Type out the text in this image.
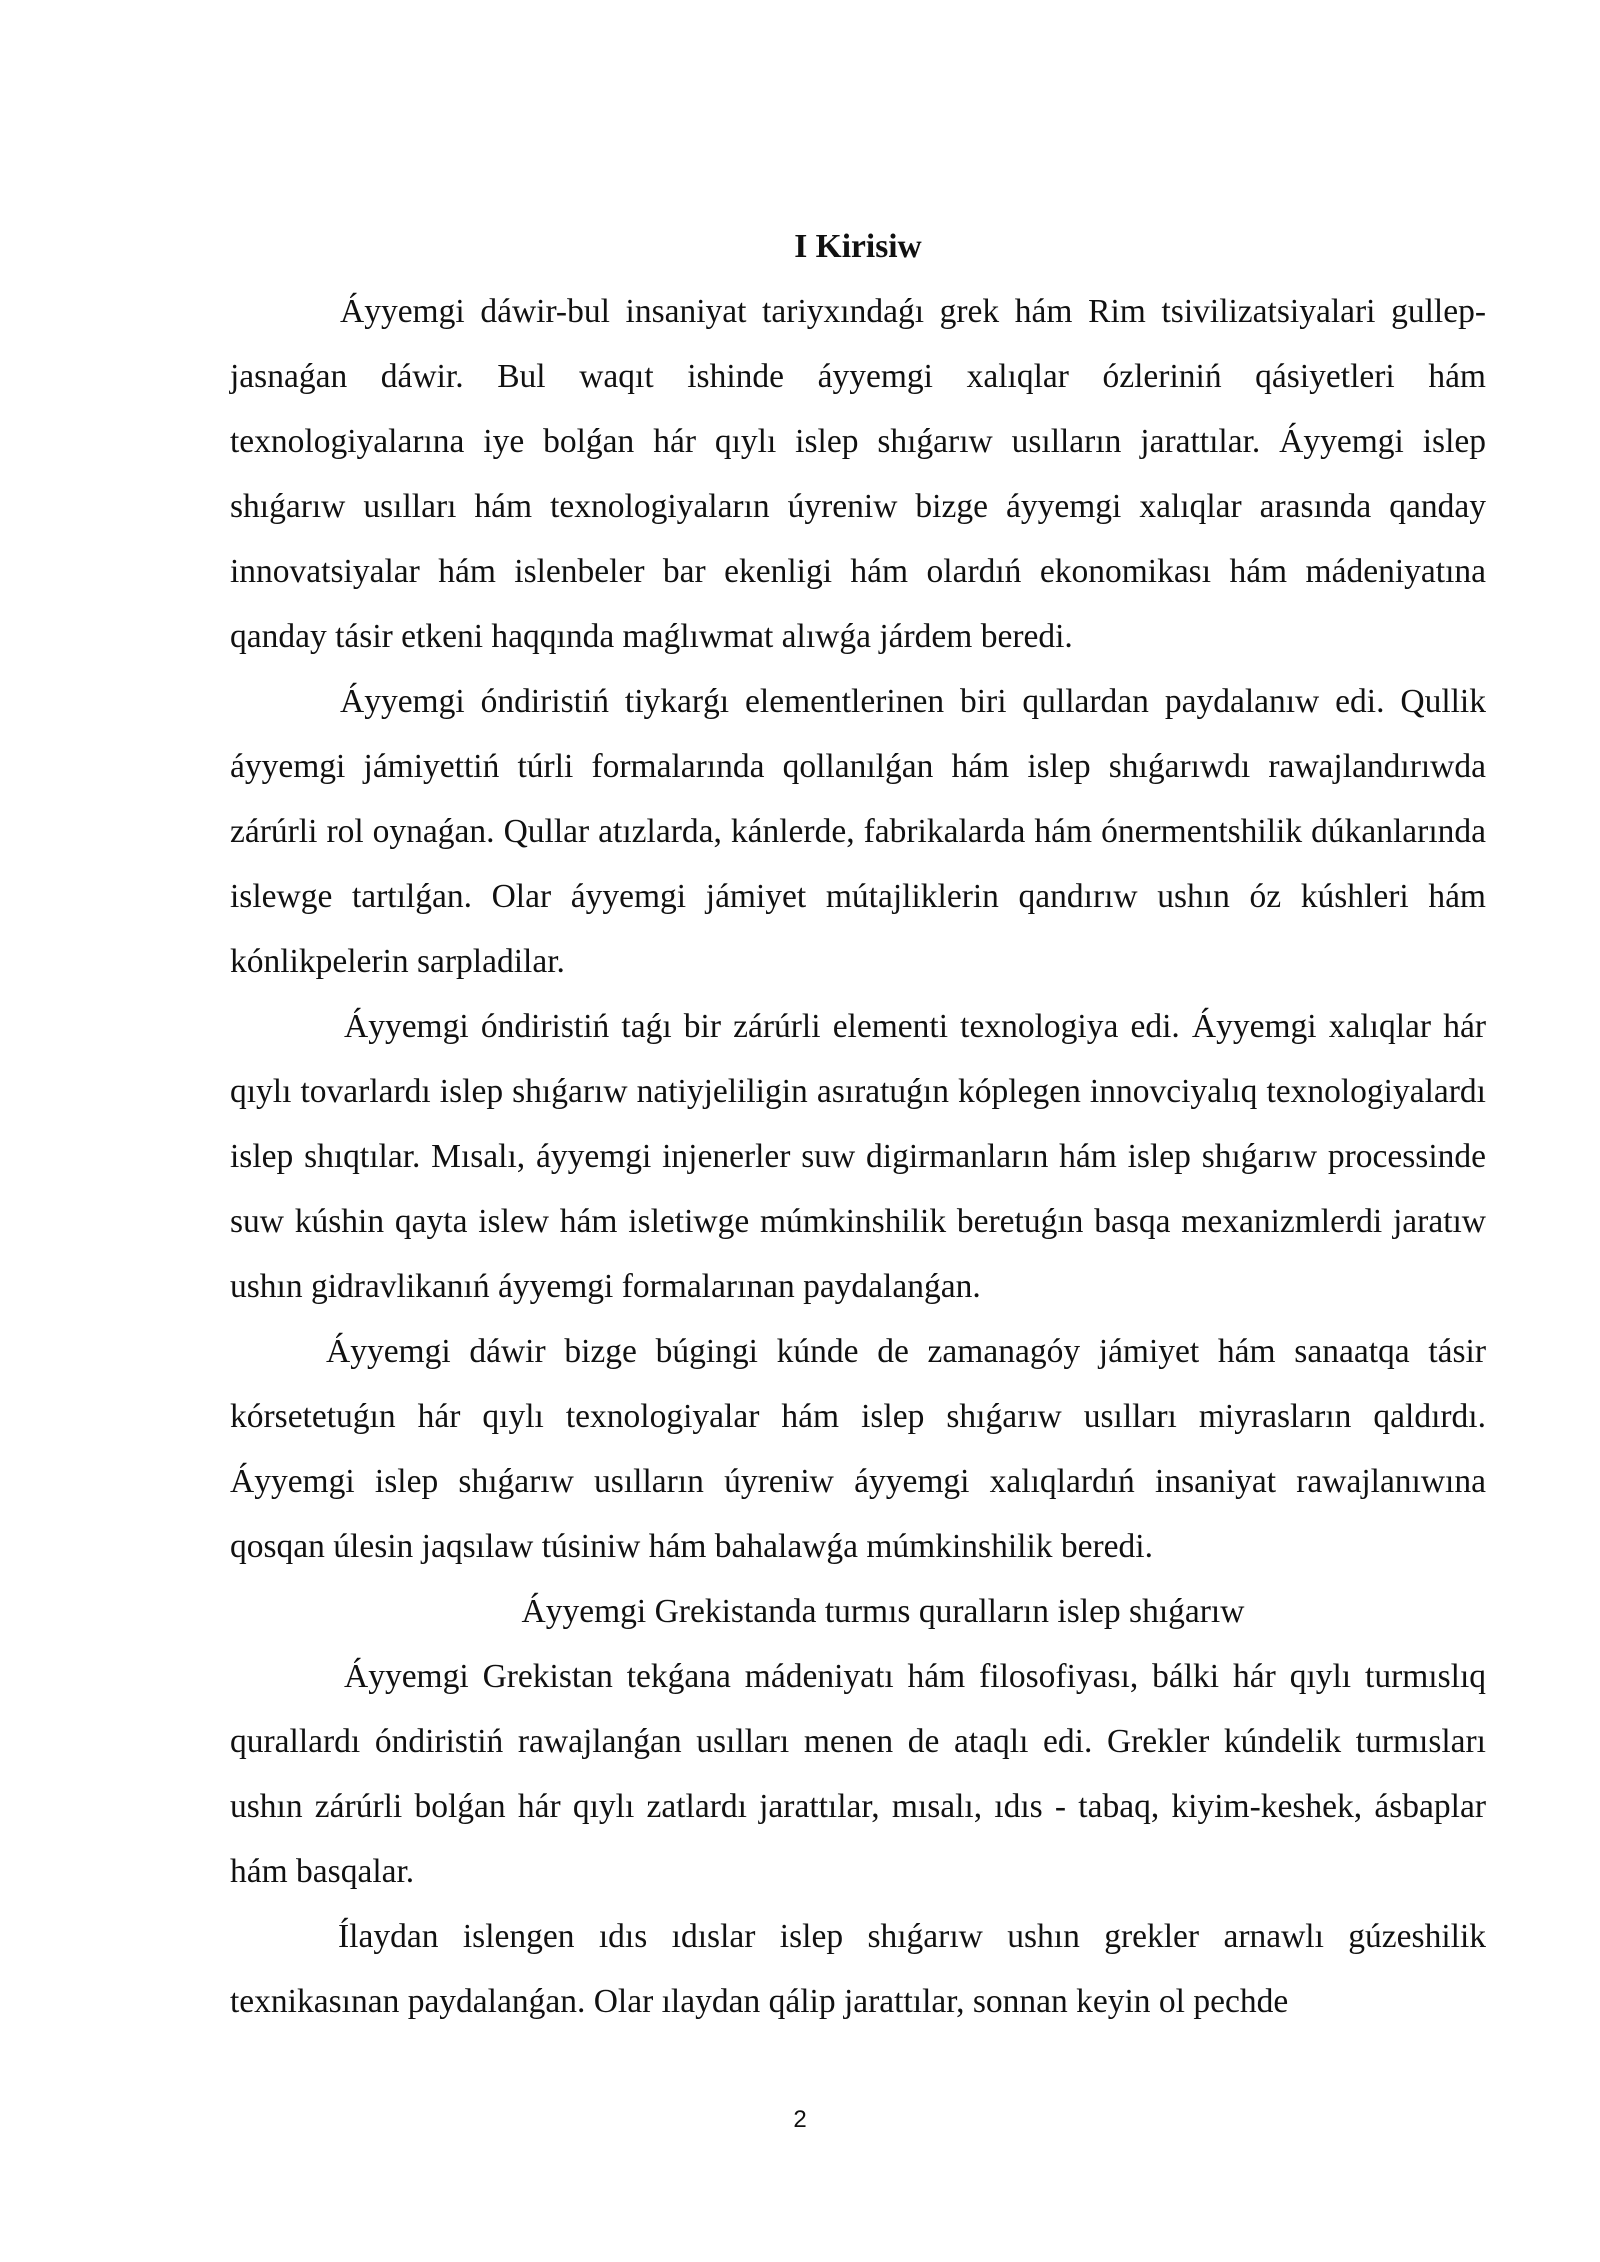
I Kirisiw

Áyyemgi dáwir-bul insaniyat tariyxındaǵı grek hám Rim tsivilizatsiyalari gullep-jasnaǵan dáwir. Bul waqıt ishinde áyyemgi xalıqlar ózleriniń qásiyetleri hám texnologiyalarına iye bolǵan hár qıylı islep shıǵarıw usılların jarattılar. Áyyemgi islep shıǵarıw usılları hám texnologiyaların úyreniw bizge áyyemgi xalıqlar arasında qanday innovatsiyalar hám islenbeler bar ekenligi hám olardıń ekonomikası hám mádeniyatına qanday tásir etkeni haqqında maǵlıwmat alıwǵa járdem beredi.

Áyyemgi óndiristiń tiykarǵı elementlerinen biri qullardan paydalanıw edi. Qullik áyyemgi jámiyettiń túrli formalarında qollanılǵan hám islep shıǵarıwdı rawajlandırıwda zárúrli rol oynaǵan. Qullar atızlarda, kánlerde, fabrikalarda hám ónermentshilik dúkanlarında islewge tartılǵan. Olar áyyemgi jámiyet mútajliklerin qandırıw ushın óz kúshleri hám kónlikpelerin sarpladilar.

Áyyemgi óndiristiń taǵı bir zárúrli elementi texnologiya edi. Áyyemgi xalıqlar hár qıylı tovarlardı islep shıǵarıw natiyjeliligin asıratuǵın kóplegen innovciyalıq texnologiyalardı islep shıqtılar. Mısalı, áyyemgi injenerler suw digirmanların hám islep shıǵarıw processinde suw kúshin qayta islew hám isletiwge múmkinshilik beretuǵın basqa mexanizmlerdi jaratıw ushın gidravlikanıń áyyemgi formalarınan paydalanǵan.

Áyyemgi dáwir bizge búgingi kúnde de zamanagóy jámiyet hám sanaatqa tásir kórsetetuǵın hár qıylı texnologiyalar hám islep shıǵarıw usılları miyrasların qaldırdı. Áyyemgi islep shıǵarıw usılların úyreniw áyyemgi xalıqlardıń insaniyat rawajlanıwına qosqan úlesin jaqsılaw túsiniw hám bahalawǵa múmkinshilik beredi.

Áyyemgi Grekistanda turmıs quralların islep shıǵarıw

Áyyemgi Grekistan tekǵana mádeniyatı hám filosofiyası, bálki hár qıylı turmıslıq qurallardı óndiristiń rawajlanǵan usılları menen de ataqlı edi. Grekler kúndelik turmısları ushın zárúrli bolǵan hár qıylı zatlardı jarattılar, mısalı, ıdıs - tabaq, kiyim-keshek, ásbaplar hám basqalar.

Ílaydan islengen ıdıs ıdıslar islep shıǵarıw ushın grekler arnawlı gúzeshilik texnikasınan paydalanǵan. Olar ılaydan qálip jarattılar, sonnan keyin ol pechde

2
